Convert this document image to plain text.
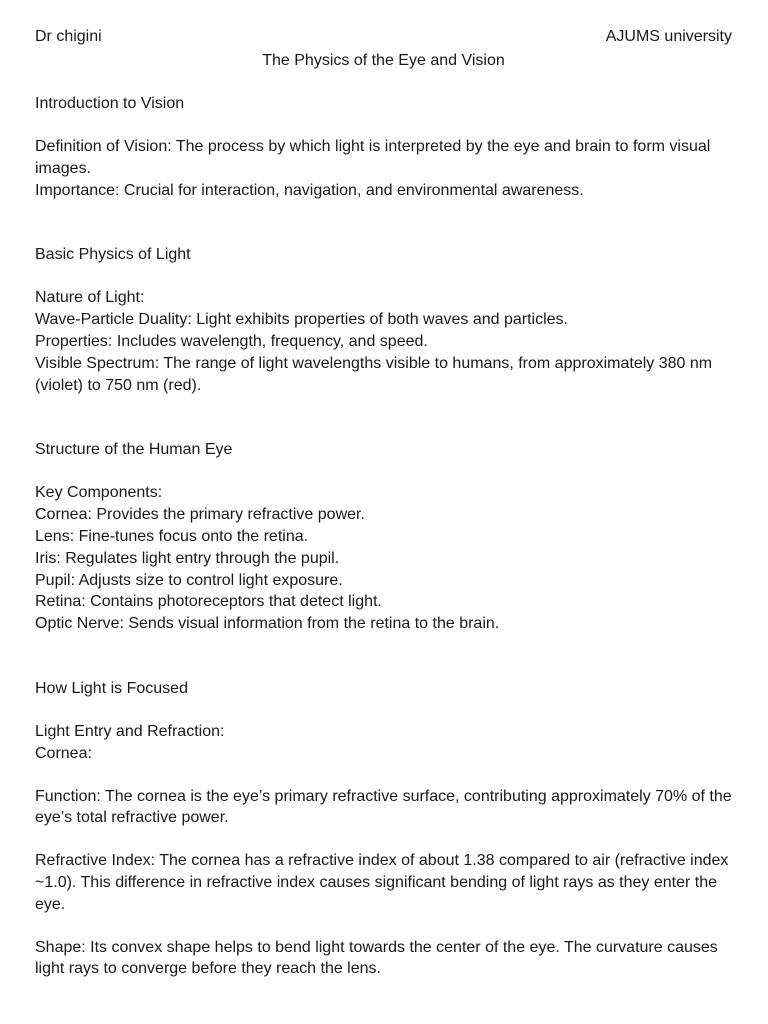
Dr chigini	AJUMS university
The Physics of the Eye and Vision
Introduction to Vision
Definition of Vision: The process by which light is interpreted by the eye and brain to form visual images.
Importance: Crucial for interaction, navigation, and environmental awareness.
Basic Physics of Light
Nature of Light:
Wave-Particle Duality: Light exhibits properties of both waves and particles.
Properties: Includes wavelength, frequency, and speed.
Visible Spectrum: The range of light wavelengths visible to humans, from approximately 380 nm (violet) to 750 nm (red).
Structure of the Human Eye
Key Components:
Cornea: Provides the primary refractive power.
Lens: Fine-tunes focus onto the retina.
Iris: Regulates light entry through the pupil.
Pupil: Adjusts size to control light exposure.
Retina: Contains photoreceptors that detect light.
Optic Nerve: Sends visual information from the retina to the brain.
How Light is Focused
Light Entry and Refraction:
Cornea:
Function: The cornea is the eye’s primary refractive surface, contributing approximately 70% of the eye’s total refractive power.
Refractive Index: The cornea has a refractive index of about 1.38 compared to air (refractive index ~1.0). This difference in refractive index causes significant bending of light rays as they enter the eye.
Shape: Its convex shape helps to bend light towards the center of the eye. The curvature causes light rays to converge before they reach the lens.
